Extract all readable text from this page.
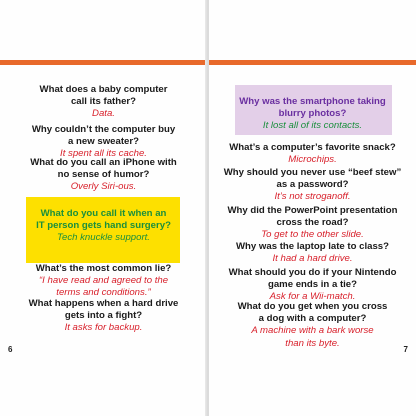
What does a baby computer
call its father?
Data.
Why couldn’t the computer buy
a new sweater?
It spent all its cache.
What do you call an iPhone with
no sense of humor?
Overly Siri-ous.
What do you call it when an
IT person gets hand surgery?
Tech knuckle support.
What’s the most common lie?
“I have read and agreed to the
terms and conditions.”
What happens when a hard drive
gets into a fight?
It asks for backup.
6
Why was the smartphone taking
blurry photos?
It lost all of its contacts.
What’s a computer’s favorite snack?
Microchips.
Why should you never use “beef stew”
as a password?
It’s not stroganoff.
Why did the PowerPoint presentation
cross the road?
To get to the other slide.
Why was the laptop late to class?
It had a hard drive.
What should you do if your Nintendo
game ends in a tie?
Ask for a Wii-match.
What do you get when you cross
a dog with a computer?
A machine with a bark worse
than its byte.
7
